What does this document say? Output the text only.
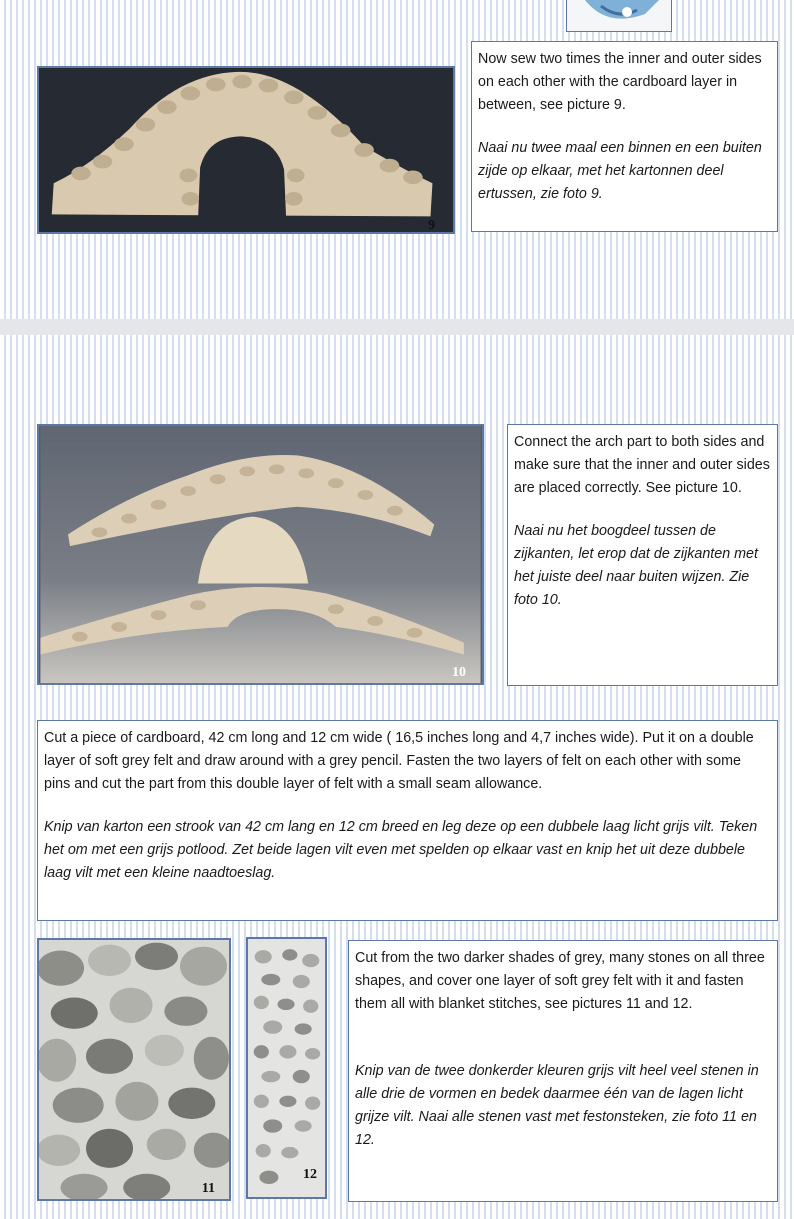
9

Now sew two times the inner and outer sides on each other with the cardboard layer in between, see picture 9.

Naai nu twee maal een binnen en een buiten zijde op elkaar, met het kartonnen deel ertussen, zie foto 9.

10

Connect the arch part to both sides and make sure that the inner and outer sides are placed correctly. See picture 10.

Naai nu het boogdeel tussen de zijkanten, let erop dat de zijkanten met het juiste deel naar buiten wijzen. Zie foto 10.

Cut a piece of cardboard, 42 cm long and 12 cm wide ( 16,5 inches long and 4,7 inches wide). Put it on a double layer of soft grey felt and draw around with a grey pencil. Fasten the two layers of felt on each other with some pins and cut the part from this double layer of felt with a small seam allowance.

Knip van karton een strook van 42 cm lang en 12 cm breed en leg deze op een dubbele laag licht grijs vilt. Teken het om met een grijs potlood. Zet beide lagen vilt even met spelden op elkaar vast en knip het uit deze dubbele laag vilt met een kleine naadtoeslag.

11
12

Cut from the two darker shades of grey, many stones on all three shapes, and cover one layer of soft grey felt with it and fasten them all with blanket stitches, see pictures 11 and 12.

Knip van de twee donkerder kleuren grijs vilt heel veel stenen in alle drie de vormen en bedek daarmee één van de lagen licht grijze vilt. Naai alle stenen vast met festonsteken, zie foto 11 en 12.
